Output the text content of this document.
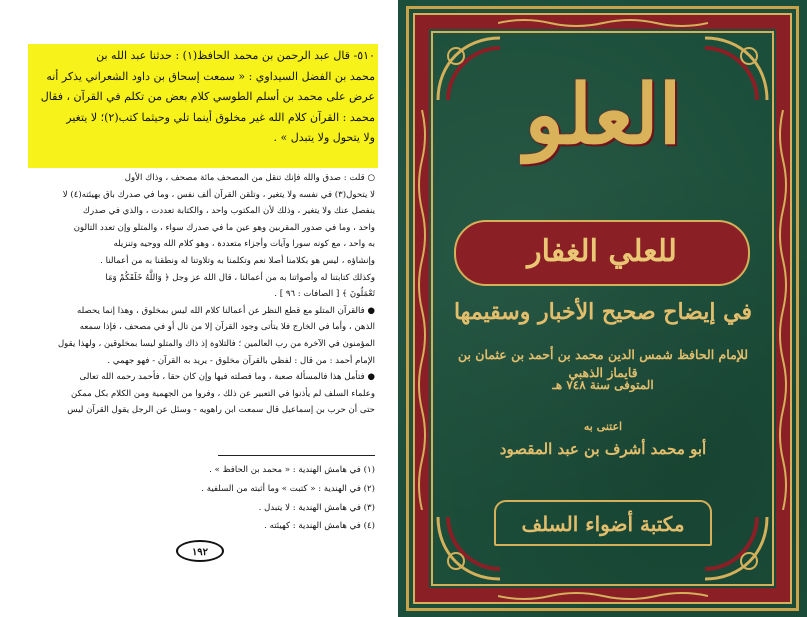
٥١٠- قال عبد الرحمن بن محمد الحافظ(١) : حدثنا عبد الله بن

محمد بن الفضل السيداوي : « سمعت إسحاق بن داود الشعراني يذكر أنه

عرض على محمد بن أسلم الطوسي كلام بعض من تكلم في القرآن ، فقال

محمد : القرآن كلام الله غير مخلوق أينما تلي وحيثما كتب(٢)؛ لا يتغير

ولا يتحول ولا يتبدل » .

○ قلت : صدق والله فإنك تنقل من المصحف مائة مصحف ، وذاك الأول

لا يتحول(٣) في نفسه ولا يتغير ، وتلقن القرآن ألف نفس ، وما في صدرك باق بهيئته(٤) لا

ينفصل عنك ولا يتغير ، وذلك لأن المكتوب واحد ، والكتابة تعددت ، والذي في صدرك

واحد ، وما في صدور المقربين وهو عين ما في صدرك سواء ، والمتلو وإن تعدد التالون

به واحد ، مع كونه سورا وآيات وأجزاء متعددة ، وهو كلام الله ووحيه وتنزيله

وإنشاؤه ، ليس هو بكلامنا أصلا نعم وتكلمنا به وتلاوتنا له ونطقنا به من أعمالنا .

وكذلك كتابتنا له وأصواتنا به من أعمالنا ، قال الله عز وجل ﴿ وَاللَّهُ خَلَقَكُمْ وَمَا

تَعْمَلُونَ ﴾ [ الصافات : ٩٦ ] .

● فالقرآن المتلو مع قطع النظر عن أعمالنا كلام الله ليس بمخلوق ، وهذا إنما يحصله

الذهن ، وأما في الخارج فلا يتأتى وجود القرآن إلا من تال أو في مصحف ، فإذا سمعه

المؤمنون في الآخرة من رب العالمين ؛ فالتلاوة إذ ذاك والمتلو ليسا بمخلوقين ، ولهذا يقول

الإمام أحمد : من قال : لفظي بالقرآن مخلوق - يريد به القرآن - فهو جهمي .

● فتأمل هذا فالمسألة صعبة ، وما فصلته فيها وإن كان حقا ، فأحمد رحمه الله تعالى

وعلماء السلف لم يأذنوا في التعبير عن ذلك ، وفروا من الجهمية ومن الكلام بكل ممكن

حتى أن حرب بن إسماعيل قال سمعت ابن راهويه - وسئل عن الرجل يقول القرآن ليس

(١) في هامش الهندية : « محمد بن الحافظ » .
(٢) في الهندية : « كتبت » وما أثبته من السلفية .
(٣) في هامش الهندية : لا يتبدل .
(٤) في هامش الهندية : كهيئته .
١٩٢
العلو
للعلي الغفار
في إيضاح صحيح الأخبار وسقيمها
للإمام الحافظ شمس الدين محمد بن أحمد بن عثمان بن قايماز الذهبي
المتوفى سنة ٧٤٨ هـ
اعتنى به
أبو محمد أشرف بن عبد المقصود
مكتبة أضواء السلف
